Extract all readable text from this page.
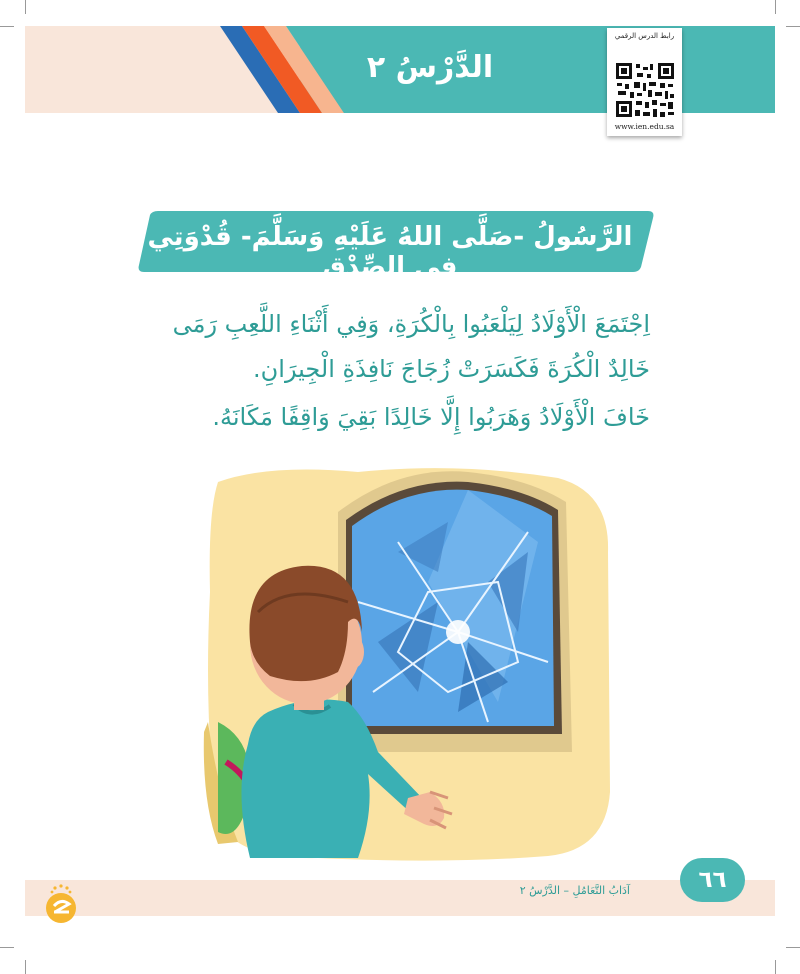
الدَّرْسُ ٢
رابط الدرس الرقمي
www.ien.edu.sa
الرَّسُولُ -صَلَّى اللهُ عَلَيْهِ وَسَلَّمَ- قُدْوَتِي فِي الصِّدْقِ
اِجْتَمَعَ الْأَوْلَادُ لِيَلْعَبُوا بِالْكُرَةِ، وَفِي أَثْنَاءِ اللَّعِبِ رَمَى
خَالِدٌ الْكُرَةَ فَكَسَرَتْ زُجَاجَ نَافِذَةِ الْجِيرَانِ.
خَافَ الْأَوْلَادُ وَهَرَبُوا إِلَّا خَالِدًا بَقِيَ وَاقِفًا مَكَانَهُ.
٦٦
آدَابُ التَّعَامُلِ – الدَّرْسُ ٢
